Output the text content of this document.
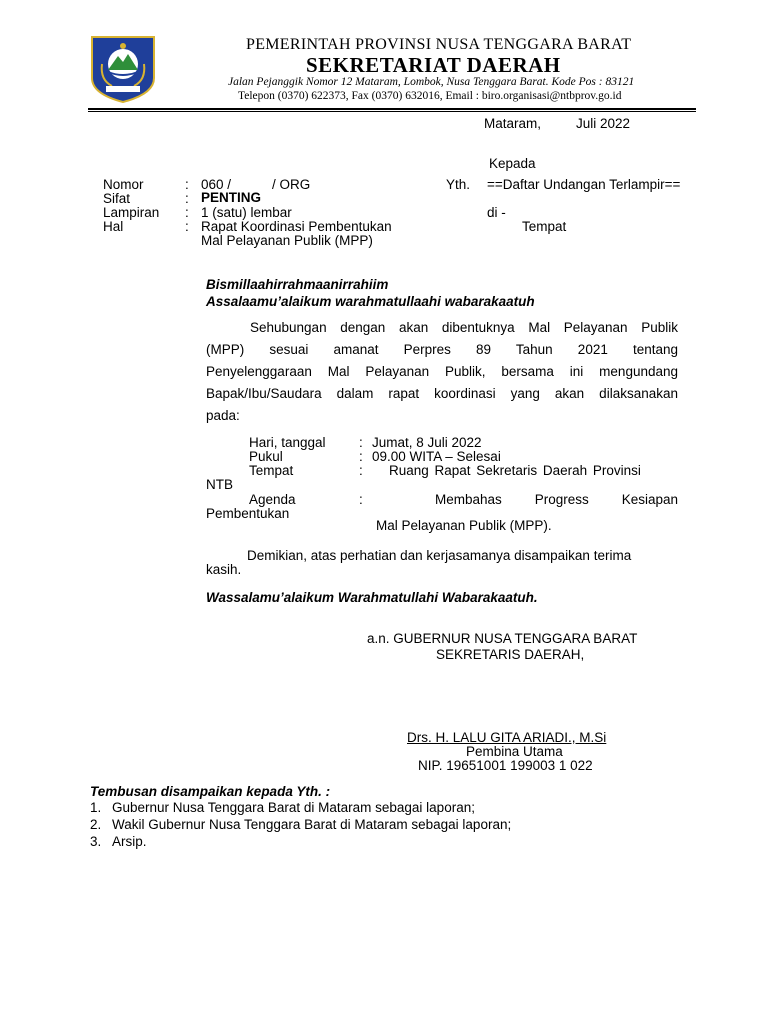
PEMERINTAH PROVINSI NUSA TENGGARA BARAT
SEKRETARIAT DAERAH
Jalan Pejanggik Nomor 12 Mataram, Lombok, Nusa Tenggara Barat. Kode Pos : 83121
Telepon (0370) 622373, Fax (0370) 632016, Email : biro.organisasi@ntbprov.go.id
Mataram,	Juli 2022
Kepada
Yth. ==Daftar Undangan Terlampir==
di -
Tempat
Nomor	: 060 /	/ ORG
Sifat	: PENTING
Lampiran : 1 (satu) lembar
Hal	: Rapat Koordinasi Pembentukan
Mal Pelayanan Publik (MPP)
Bismillaahirrahmaanirrahiim
Assalaamu’alaikum warahmatullaahi wabarakaatuh
Sehubungan dengan akan dibentuknya Mal Pelayanan Publik
(MPP) sesuai amanat Perpres 89 Tahun 2021 tentang
Penyelenggaraan Mal Pelayanan Publik, bersama ini mengundang
Bapak/Ibu/Saudara dalam rapat koordinasi yang akan dilaksanakan
pada:
Hari, tanggal : Jumat, 8 Juli 2022
Pukul	: 09.00 WITA – Selesai
Tempat	: Ruang Rapat Sekretaris Daerah Provinsi
NTB
Agenda	:	Membahas Progress Kesiapan
Pembentukan
Mal Pelayanan Publik (MPP).
Demikian, atas perhatian dan kerjasamanya disampaikan terima
kasih.
Wassalamu’alaikum Warahmatullahi Wabarakaatuh.
a.n. GUBERNUR NUSA TENGGARA BARAT
SEKRETARIS DAERAH,
Drs. H. LALU GITA ARIADI., M.Si
Pembina Utama
NIP. 19651001 199003 1 022
Tembusan disampaikan kepada Yth. :
1. Gubernur Nusa Tenggara Barat di Mataram sebagai laporan;
2. Wakil Gubernur Nusa Tenggara Barat di Mataram sebagai laporan;
3. Arsip.
